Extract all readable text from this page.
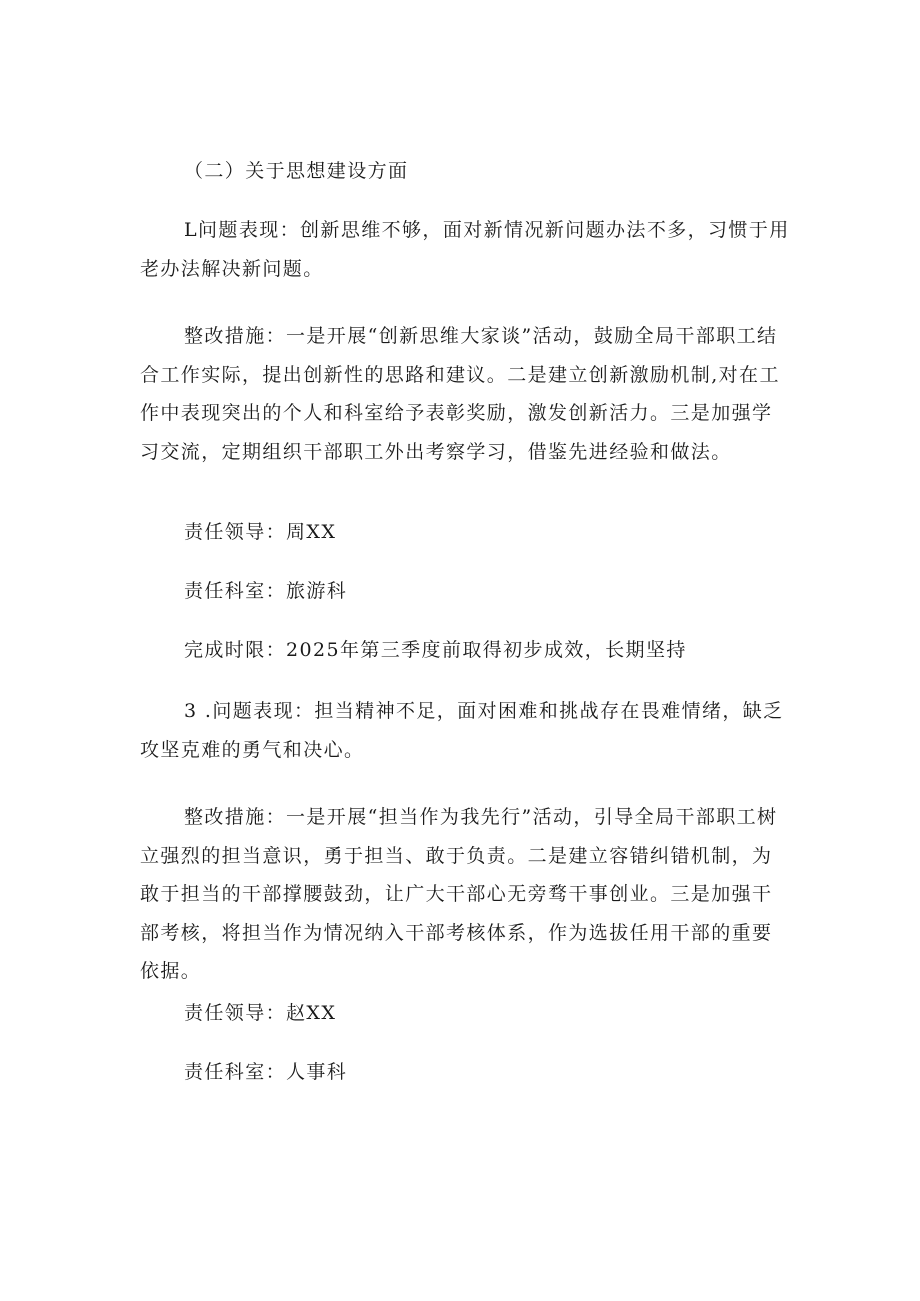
（二）关于思想建设方面

L问题表现：创新思维不够，面对新情况新问题办法不多，习惯于用老办法解决新问题。

整改措施：一是开展“创新思维大家谈”活动，鼓励全局干部职工结合工作实际，提出创新性的思路和建议。二是建立创新激励机制,对在工作中表现突出的个人和科室给予表彰奖励，激发创新活力。三是加强学习交流，定期组织干部职工外出考察学习，借鉴先进经验和做法。

责任领导：周XX

责任科室：旅游科

完成时限：2025年第三季度前取得初步成效，长期坚持

3 .问题表现：担当精神不足，面对困难和挑战存在畏难情绪，缺乏攻坚克难的勇气和决心。

整改措施：一是开展“担当作为我先行”活动，引导全局干部职工树立强烈的担当意识，勇于担当、敢于负责。二是建立容错纠错机制，为敢于担当的干部撑腰鼓劲，让广大干部心无旁骛干事创业。三是加强干部考核，将担当作为情况纳入干部考核体系，作为选拔任用干部的重要依据。

责任领导：赵XX

责任科室：人事科
